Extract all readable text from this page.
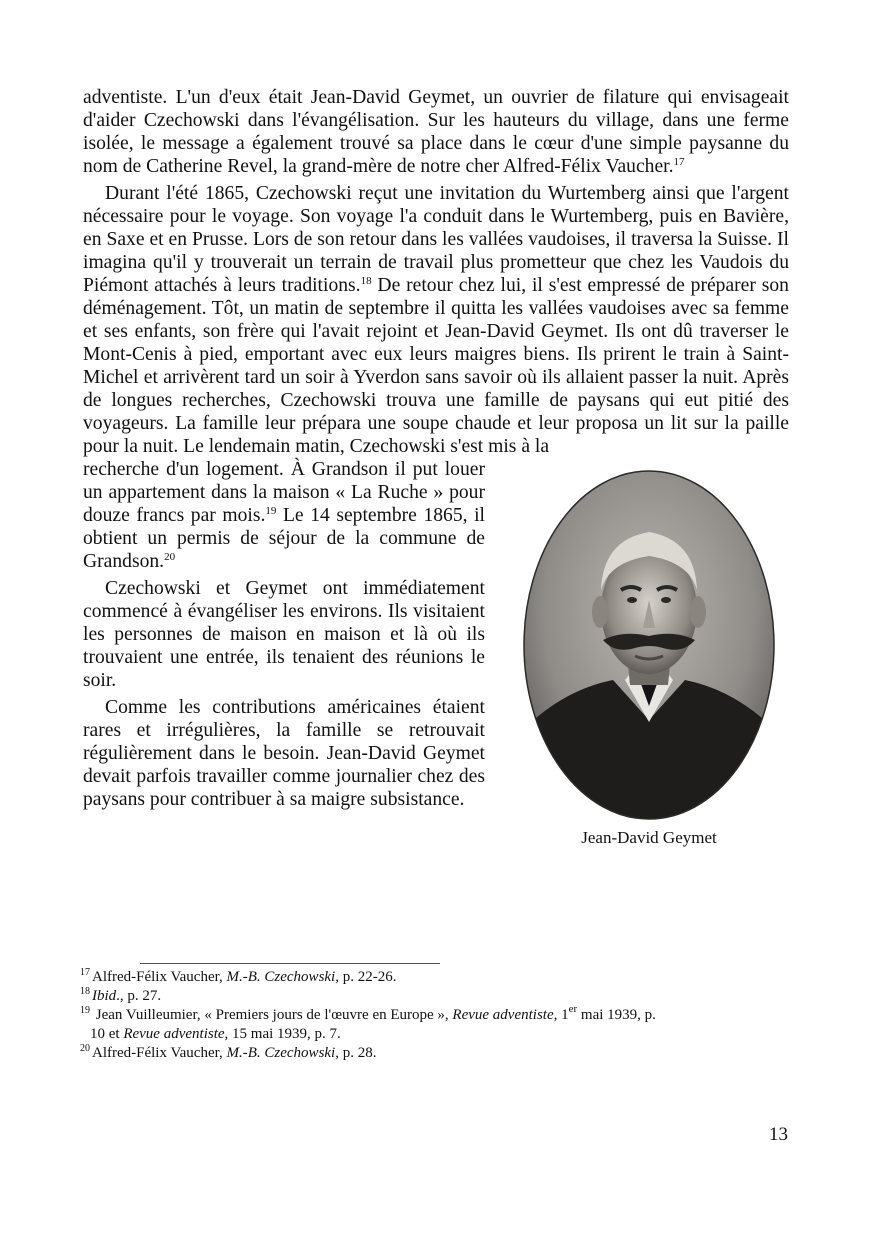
adventiste. L'un d'eux était Jean-David Geymet, un ouvrier de filature qui envisageait d'aider Czechowski dans l'évangélisation. Sur les hauteurs du village, dans une ferme isolée, le message a également trouvé sa place dans le cœur d'une simple paysanne du nom de Catherine Revel, la grand-mère de notre cher Alfred-Félix Vaucher.$^{17}$

Durant l'été 1865, Czechowski reçut une invitation du Wurtemberg ainsi que l'argent nécessaire pour le voyage. Son voyage l'a conduit dans le Wurtemberg, puis en Bavière, en Saxe et en Prusse. Lors de son retour dans les vallées vaudoises, il traversa la Suisse. Il imagina qu'il y trouverait un terrain de travail plus prometteur que chez les Vaudois du Piémont attachés à leurs traditions.$^{18}$ De retour chez lui, il s'est empressé de préparer son déménagement. Tôt, un matin de septembre il quitta les vallées vaudoises avec sa femme et ses enfants, son frère qui l'avait rejoint et Jean-David Geymet. Ils ont dû traverser le Mont-Cenis à pied, emportant avec eux leurs maigres biens. Ils prirent le train à Saint-Michel et arrivèrent tard un soir à Yverdon sans savoir où ils allaient passer la nuit. Après de longues recherches, Czechowski trouva une famille de paysans qui eut pitié des voyageurs. La famille leur prépara une soupe chaude et leur proposa un lit sur la paille pour la nuit. Le lendemain matin, Czechowski s'est mis à la

recherche d'un logement. À Grandson il put louer un appartement dans la maison « La Ruche » pour douze francs par mois.$^{19}$ Le 14 septembre 1865, il obtient un permis de séjour de la commune de Grandson.$^{20}$

Czechowski et Geymet ont immédiatement commencé à évangéliser les environs. Ils visitaient les personnes de maison en maison et là où ils trouvaient une entrée, ils tenaient des réunions le soir.

Comme les contributions américaines étaient rares et irrégulières, la famille se retrouvait régulièrement dans le besoin. Jean-David Geymet devait parfois travailler comme journalier chez des paysans pour contribuer à sa maigre subsistance.

Jean-David Geymet

$^{17}$ Alfred-Félix Vaucher, M.-B. Czechowski, p. 22-26.

$^{18}$ Ibid., p. 27.

$^{19}$ Jean Vuilleumier, « Premiers jours de l'œuvre en Europe », Revue adventiste, 1er mai 1939, p.

10 et Revue adventiste, 15 mai 1939, p. 7.

$^{20}$ Alfred-Félix Vaucher, M.-B. Czechowski, p. 28.

13
